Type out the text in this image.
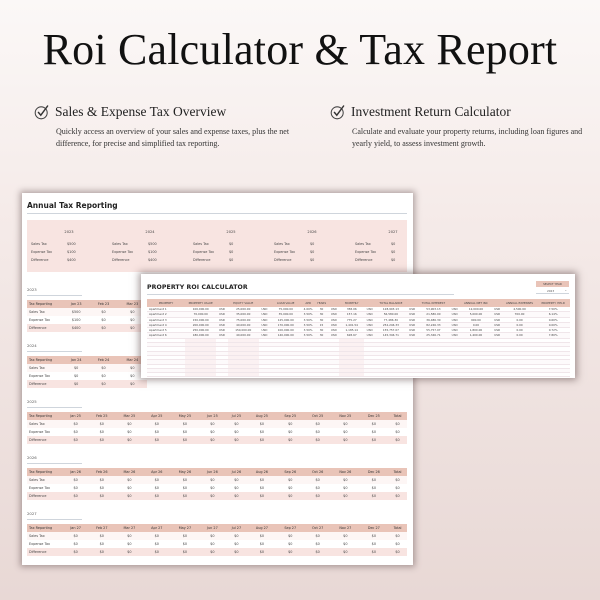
Roi Calculator & Tax Report
Sales & Expense Tax Overview
Quickly access an overview of your sales and expense taxes, plus the net difference, for precise and simplified tax reporting.
Investment Return Calculator
Calculate and evaluate your property returns, including loan figures and yearly yield, to assess investment growth.
Annual Tax Reporting
2023
Sales Tax	$500
Expense Tax	$100
Difference	$400
2024
Sales Tax	$500
Expense Tax	$100
Difference	$400
2025
Sales Tax	$0
Expense Tax	$0
Difference	$0
2026
Sales Tax	$0
Expense Tax	$0
Difference	$0
2027
Sales Tax	$0
Expense Tax	$0
Difference	$0
2023
Tax Reporting	Jan 23	Feb 23	Mar 23
Sales Tax	$500	$0	$0
Expense Tax	$100	$0	$0
Difference	$400	$0	$0
2024
Tax Reporting	Jan 24	Feb 24	Mar 24
Sales Tax	$0	$0	$0
Expense Tax	$0	$0	$0
Difference	$0	$0	$0
2025
Tax Reporting	Jan 25	Feb 25	Mar 25	Apr 25	May 25	Jun 25	Jul 25	Aug 25	Sep 25	Oct 25	Nov 25	Dec 25	Total
Sales Tax	$0	$0	$0	$0	$0	$0	$0	$0	$0	$0	$0	$0	$0
Expense Tax	$0	$0	$0	$0	$0	$0	$0	$0	$0	$0	$0	$0	$0
Difference	$0	$0	$0	$0	$0	$0	$0	$0	$0	$0	$0	$0	$0
2026
Tax Reporting	Jan 26	Feb 26	Mar 26	Apr 26	May 26	Jun 26	Jul 26	Aug 26	Sep 26	Oct 26	Nov 26	Dec 26	Total
Sales Tax	$0	$0	$0	$0	$0	$0	$0	$0	$0	$0	$0	$0	$0
Expense Tax	$0	$0	$0	$0	$0	$0	$0	$0	$0	$0	$0	$0	$0
Difference	$0	$0	$0	$0	$0	$0	$0	$0	$0	$0	$0	$0	$0
2027
Tax Reporting	Jan 27	Feb 27	Mar 27	Apr 27	May 27	Jun 27	Jul 27	Aug 27	Sep 27	Oct 27	Nov 27	Dec 27	Total
Sales Tax	$0	$0	$0	$0	$0	$0	$0	$0	$0	$0	$0	$0	$0
Expense Tax	$0	$0	$0	$0	$0	$0	$0	$0	$0	$0	$0	$0	$0
Difference	$0	$0	$0	$0	$0	$0	$0	$0	$0	$0	$0	$0	$0
PROPERTY ROI CALCULATOR	SELECT YEAR
2023	⌄
PROPERTY	PROPERTY VALUE		EQUITY VALUE		LOAN VALUE	APR	YEARS		MONTHLY		TOTAL BALANCE		TOTAL INTEREST		ANNUAL NET INC		ANNUAL EXPENSES	PROPERTY YIELD
Apartment 1	100,000.00	USD	25,000.00	USD	75,000.00	4.00%	30	USD	358.06	USD	128,903.13	USD	53,903.13	USD	12,000.00	USD	4,500.00	7.50%
Apartment 2	70,000.00	USD	35,000.00	USD	35,000.00	3.50%	30	USD	157.16	USD	56,580.00	USD	21,580.00	USD	5,000.00	USD	700.00	6.14%
Apartment 3	150,000.00	USD	75,000.00	USD	125,000.00	3.50%	30	USD	775.27	USD	77,486.30	USD	36,486.30	USD	900.00	USD	0.00	0.60%
Apartment 4	200,000.00	USD	40,000.00	USD	170,000.00	3.50%	15	USD	1,401.54	USD	252,246.33	USD	82,246.33	USD	0.00	USD	0.00	0.00%
Apartment 5	250,000.00	USD	150,000.00	USD	100,000.00	3.50%	30	USD	1,185.14	USD	155,757.07	USD	55,757.07	USD	1,800.00	USD	0.00	0.72%
Apartment 6	180,000.00	USD	40,000.00	USD	140,000.00	3.50%	30	USD	628.67	USD	145,346.71	USD	25,346.71	USD	1,400.00	USD	0.00	7.80%
